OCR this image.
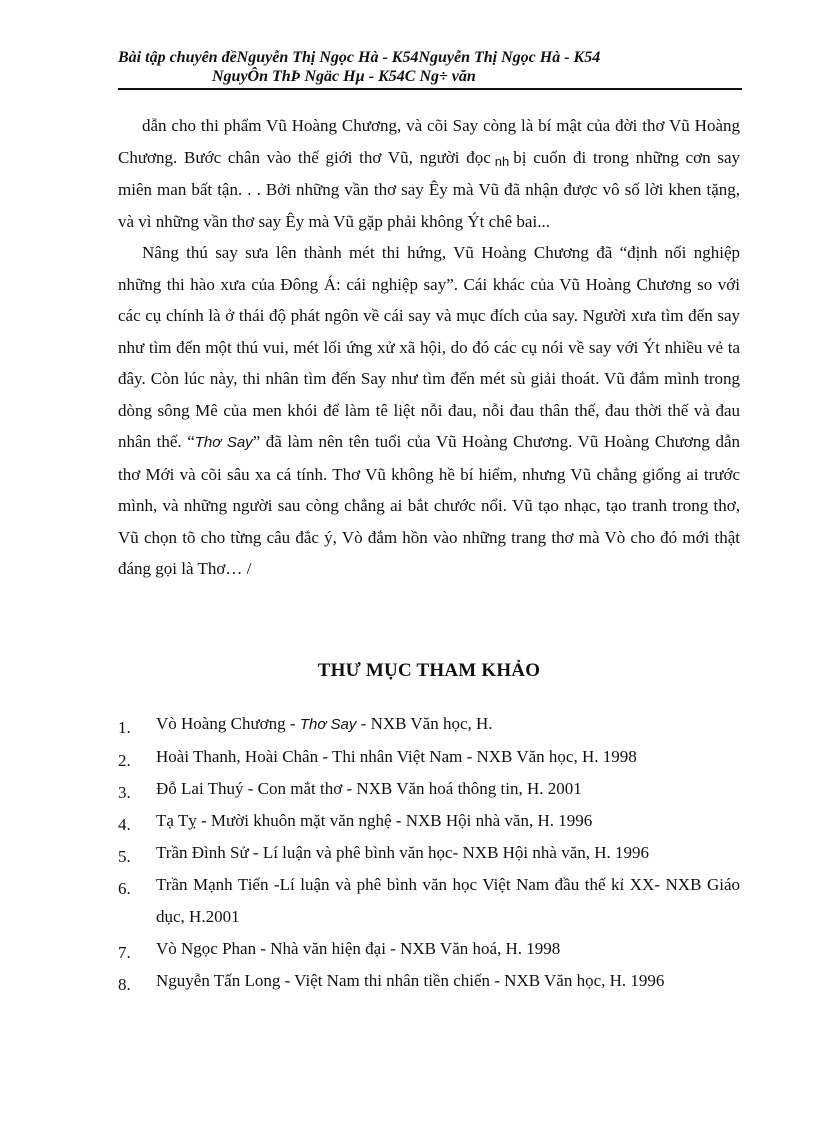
Bài tập chuyên đềNguyễn Thị Ngọc Hà - K54Nguyễn Thị Ngọc Hà - K54
NguyÔn ThÞ Ngäc Hµ - K54C Ng÷ văn

dẫn cho thi phẩm Vũ Hoàng Chương, và cõi Say còng là bí mật của đời thơ Vũ Hoàng Chương. Bước chân vào thế giới thơ Vũ, người đọc nh bị cuốn đi trong những cơn say miên man bất tận. . . Bởi những vần thơ say Êy mà Vũ đã nhận được vô số lời khen tặng, và vì những vần thơ say Êy mà Vũ gặp phải không Ýt chê bai...

Nâng thú say sưa lên thành mét thi hứng, Vũ Hoàng Chương đã “định nối nghiệp những thi hào xưa của Đông Á: cái nghiệp say”. Cái khác của Vũ Hoàng Chương so với các cụ chính là ở thái độ phát ngôn về cái say và mục đích của say. Người xưa tìm đến say như tìm đến một thú vui, mét lối ứng xử xã hội, do đó các cụ nói về say với Ýt nhiều vẻ ta đây. Còn lúc này, thi nhân tìm đến Say như tìm đến mét sù giải thoát. Vũ đắm mình trong dòng sông Mê của men khói để làm tê liệt nỗi đau, nỗi đau thân thế, đau thời thế và đau nhân thế. “Thơ Say” đã làm nên tên tuổi của Vũ Hoàng Chương. Vũ Hoàng Chương dẫn thơ Mới và cõi sâu xa cá tính. Thơ Vũ không hề bí hiểm, nhưng Vũ chẳng giống ai trước mình, và những người sau còng chẳng ai bắt chước nổi. Vũ tạo nhạc, tạo tranh trong thơ, Vũ chọn tõ cho từng câu đắc ý, Vò đắm hồn vào những trang thơ mà Vò cho đó mới thật đáng gọi là Thơ… /

THƯ MỤC THAM KHẢO
1.	Vò Hoàng Chương - Thơ Say - NXB Văn học, H.
2.	Hoài Thanh, Hoài Chân - Thi nhân Việt Nam - NXB Văn học, H. 1998
3.	Đỗ Lai Thuý - Con mắt thơ - NXB Văn hoá thông tin, H. 2001
4.	Tạ Tỵ - Mười khuôn mặt văn nghệ - NXB Hội nhà văn, H. 1996
5.	Trần Đình Sử - Lí luận và phê bình văn học- NXB Hội nhà văn, H. 1996
6.	Trần Mạnh Tiến -Lí luận và phê bình văn học Việt Nam đầu thế kỉ XX- NXB Giáo dục, H.2001
7.	Vò Ngọc Phan - Nhà văn hiện đại - NXB Văn hoá, H. 1998
8.	Nguyễn Tấn Long - Việt Nam thi nhân tiền chiến - NXB Văn học, H. 1996
